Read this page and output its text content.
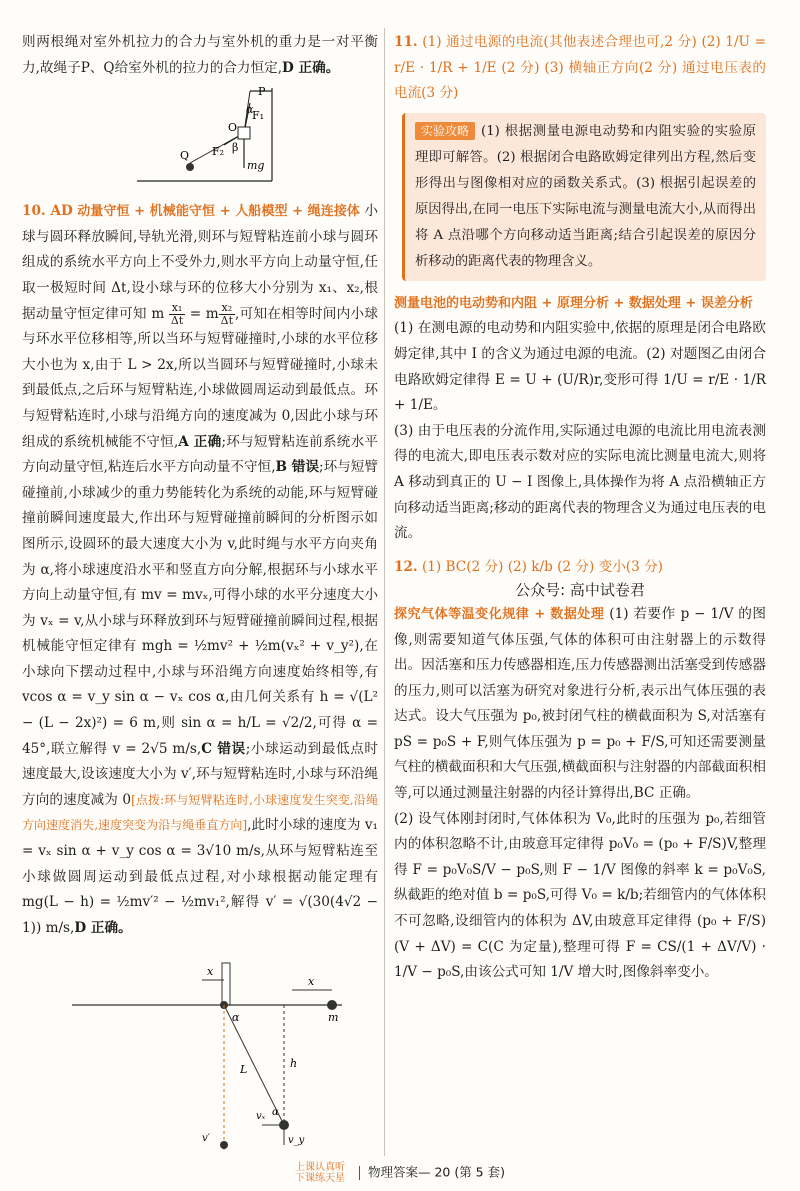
则两根绳对室外机拉力的合力与室外机的重力是一对平衡力,故绳子P、Q给室外机的拉力的合力恒定,D 正确。
P
α
F₁
O
β
Q F₂
mg
10. AD 动量守恒 + 机械能守恒 + 人船模型 + 绳连接体 小球与圆环释放瞬间,导轨光滑,则环与短臂粘连前小球与圆环组成的系统水平方向上不受外力,则水平方向上动量守恒,任取一极短时间 Δt,设小球与环的位移大小分别为 x₁、x₂,根据动量守恒定律可知 m $\frac{\text{x₁}}{\Delta t} = m \frac{\text{x₂}}{\Delta t}$ ,可知在相等时间内小球与环水平位移相等,所以当环与短臂碰撞时,小球的水平位移大小也为 x,由于 L > 2x,所以当圆环与短臂碰撞时,小球未到最低点,之后环与短臂粘连,小球做圆周运动到最低点。环与短臂粘连时,小球与沿绳方向的速度减为 0,因此小球与环组成的系统机械能不守恒,A 正确;环与短臂粘连前系统水平方向动量守恒,粘连后水平方向动量不守恒,B 错误;环与短臂碰撞前,小球减少的重力势能转化为系统的动能,环与短臂碰撞前瞬间速度最大,作出环与短臂碰撞前瞬间的分析图示如图所示,设圆环的最大速度大小为 v,此时绳与水平方向夹角为 α,将小球速度沿水平和竖直方向分解,根据环与小球水平方向上动量守恒,有 mv = mvₓ,可得小球的水平分速度大小为 vₓ = v,从小球与环释放到环与短臂碰撞前瞬间过程,根据机械能守恒定律有 mgh = ½mv² + ½m(vₓ² + v_y²),在小球向下摆动过程中,小球与环沿绳方向速度始终相等,有 vcos α = v_y sin α − vₓ cos α,由几何关系有 h = √(L² − (L − 2x)²) = 6 m,则 sin α = h/L = √2/2,可得 α = 45°,联立解得 v = 2√5 m/s,C 错误;小球运动到最低点时速度最大,设该速度大小为 v′,环与短臂粘连时,小球与环沿绳方向的速度减为 0[点拨:环与短臂粘连时,小球速度发生突变,沿绳方向速度消失,速度突变为沿与绳垂直方向],此时小球的速度为 v₁ = vₓ sin α + v_y cos α = 3√10 m/s,从环与短臂粘连至小球做圆周运动到最低点过程,对小球根据动能定理有 mg(L − h) = ½mv′² − ½mv₁²,解得 v′ = √(30(4√2 − 1)) m/s,D 正确。
x
x
α	m
L	h
vₓ α
v_y
v′
11. (1) 通过电源的电流(其他表述合理也可,2 分) (2) 1/U = r/E · 1/R + 1/E (2 分) (3) 横轴正方向(2 分) 通过电压表的电流(3 分)
实验攻略 (1) 根据测量电源电动势和内阻实验的实验原理即可解答。(2) 根据闭合电路欧姆定律列出方程,然后变形得出与图像相对应的函数关系式。(3) 根据引起误差的原因得出,在同一电压下实际电流与测量电流大小,从而得出将 A 点沿哪个方向移动适当距离;结合引起误差的原因分析移动的距离代表的物理含义。
测量电池的电动势和内阻 + 原理分析 + 数据处理 + 误差分析
(1) 在测电源的电动势和内阻实验中,依据的原理是闭合电路欧姆定律,其中 I 的含义为通过电源的电流。(2) 对题图乙由闭合电路欧姆定律得 E = U + (U/R)r,变形可得 1/U = r/E · 1/R + 1/E。
(3) 由于电压表的分流作用,实际通过电源的电流比用电流表测得的电流大,即电压表示数对应的实际电流比测量电流大,则将 A 移动到真正的 U − I 图像上,具体操作为将 A 点沿横轴正方向移动适当距离;移动的距离代表的物理含义为通过电压表的电流。
12. (1) BC(2 分) (2) k/b (2 分) 变小(3 分)
公众号: 高中试卷君
探究气体等温变化规律 + 数据处理 (1) 若要作 p − 1/V 的图像,则需要知道气体压强,气体的体积可由注射器上的示数得出。因活塞和压力传感器相连,压力传感器测出活塞受到传感器的压力,则可以活塞为研究对象进行分析,表示出气体压强的表达式。设大气压强为 p₀,被封闭气柱的横截面积为 S,对活塞有 pS = p₀S + F,则气体压强为 p = p₀ + F/S,可知还需要测量气柱的横截面积和大气压强,横截面积与注射器的内部截面积相等,可以通过测量注射器的内径计算得出,BC 正确。
(2) 设气体刚封闭时,气体体积为 V₀,此时的压强为 p₀,若细管内的体积忽略不计,由玻意耳定律得 p₀V₀ = (p₀ + F/S)V,整理得 F = p₀V₀S/V − p₀S,则 F − 1/V 图像的斜率 k = p₀V₀S,纵截距的绝对值 b = p₀S,可得 V₀ = k/b;若细管内的气体体积不可忽略,设细管内的体积为 ΔV,由玻意耳定律得 (p₀ + F/S)(V + ΔV) = C(C 为定量),整理可得 F = CS/(1 + ΔV/V) · 1/V − p₀S,由该公式可知 1/V 增大时,图像斜率变小。
上课认真听
下课练天星 物理答案— 20 (第 5 套)
